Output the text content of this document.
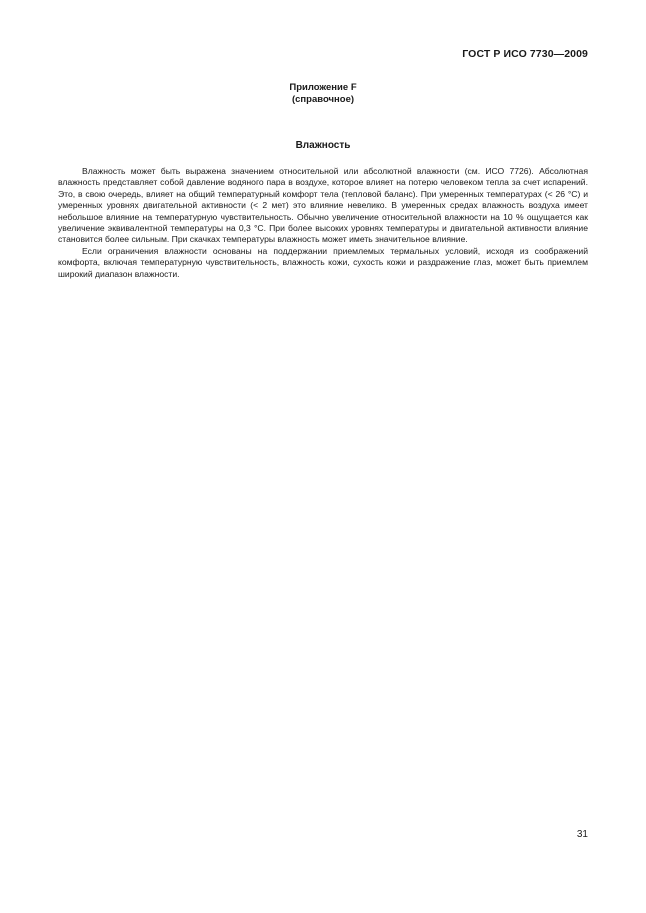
ГОСТ Р ИСО 7730—2009
Приложение F
(справочное)
Влажность

Влажность может быть выражена значением относительной или абсолютной влажности (см. ИСО 7726). Абсолютная влажность представляет собой давление водяного пара в воздухе, которое влияет на потерю человеком тепла за счет испарений. Это, в свою очередь, влияет на общий температурный комфорт тела (тепловой баланс). При умеренных температурах (< 26 °C) и умеренных уровнях двигательной активности (< 2 мет) это влияние невелико. В умеренных средах влажность воздуха имеет небольшое влияние на температурную чувствительность. Обычно увеличение относительной влажности на 10 % ощущается как увеличение эквивалентной температуры на 0,3 °C. При более высоких уровнях температуры и двигательной активности влияние становится более сильным. При скачках температуры влажность может иметь значительное влияние.

Если ограничения влажности основаны на поддержании приемлемых термальных условий, исходя из соображений комфорта, включая температурную чувствительность, влажность кожи, сухость кожи и раздражение глаз, может быть приемлем широкий диапазон влажности.

31
